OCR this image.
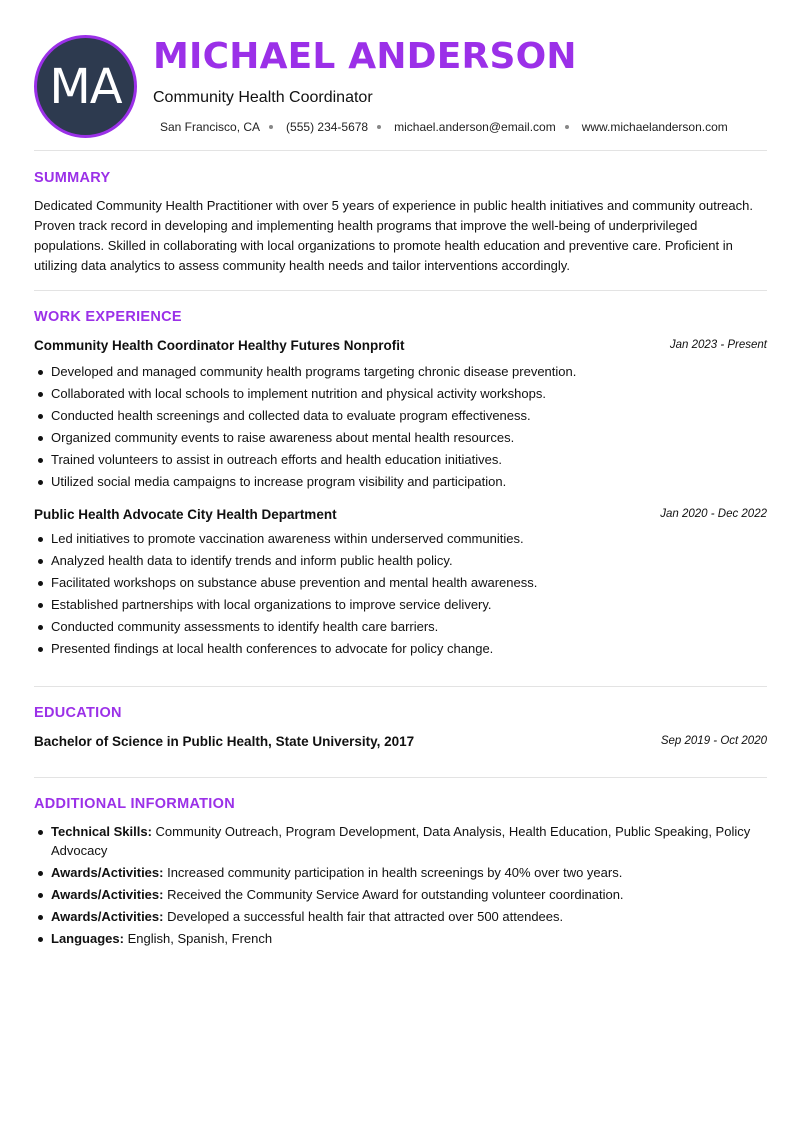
MA
MICHAEL ANDERSON
Community Health Coordinator
San Francisco, CA (555) 234-5678 michael.anderson@email.com www.michaelanderson.com
SUMMARY

Dedicated Community Health Practitioner with over 5 years of experience in public health initiatives and community outreach. Proven track record in developing and implementing health programs that improve the well-being of underprivileged populations. Skilled in collaborating with local organizations to promote health education and preventive care. Proficient in utilizing data analytics to assess community health needs and tailor interventions accordingly.

WORK EXPERIENCE
Community Health Coordinator Healthy Futures Nonprofit	Jan 2023 - Present
Developed and managed community health programs targeting chronic disease prevention.
Collaborated with local schools to implement nutrition and physical activity workshops.
Conducted health screenings and collected data to evaluate program effectiveness.
Organized community events to raise awareness about mental health resources.
Trained volunteers to assist in outreach efforts and health education initiatives.
Utilized social media campaigns to increase program visibility and participation.
Public Health Advocate City Health Department	Jan 2020 - Dec 2022
Led initiatives to promote vaccination awareness within underserved communities.
Analyzed health data to identify trends and inform public health policy.
Facilitated workshops on substance abuse prevention and mental health awareness.
Established partnerships with local organizations to improve service delivery.
Conducted community assessments to identify health care barriers.
Presented findings at local health conferences to advocate for policy change.
EDUCATION
Bachelor of Science in Public Health, State University, 2017	Sep 2019 - Oct 2020
ADDITIONAL INFORMATION
Technical Skills: Community Outreach, Program Development, Data Analysis, Health Education, Public Speaking, Policy Advocacy
Awards/Activities: Increased community participation in health screenings by 40% over two years.
Awards/Activities: Received the Community Service Award for outstanding volunteer coordination.
Awards/Activities: Developed a successful health fair that attracted over 500 attendees.
Languages: English, Spanish, French
